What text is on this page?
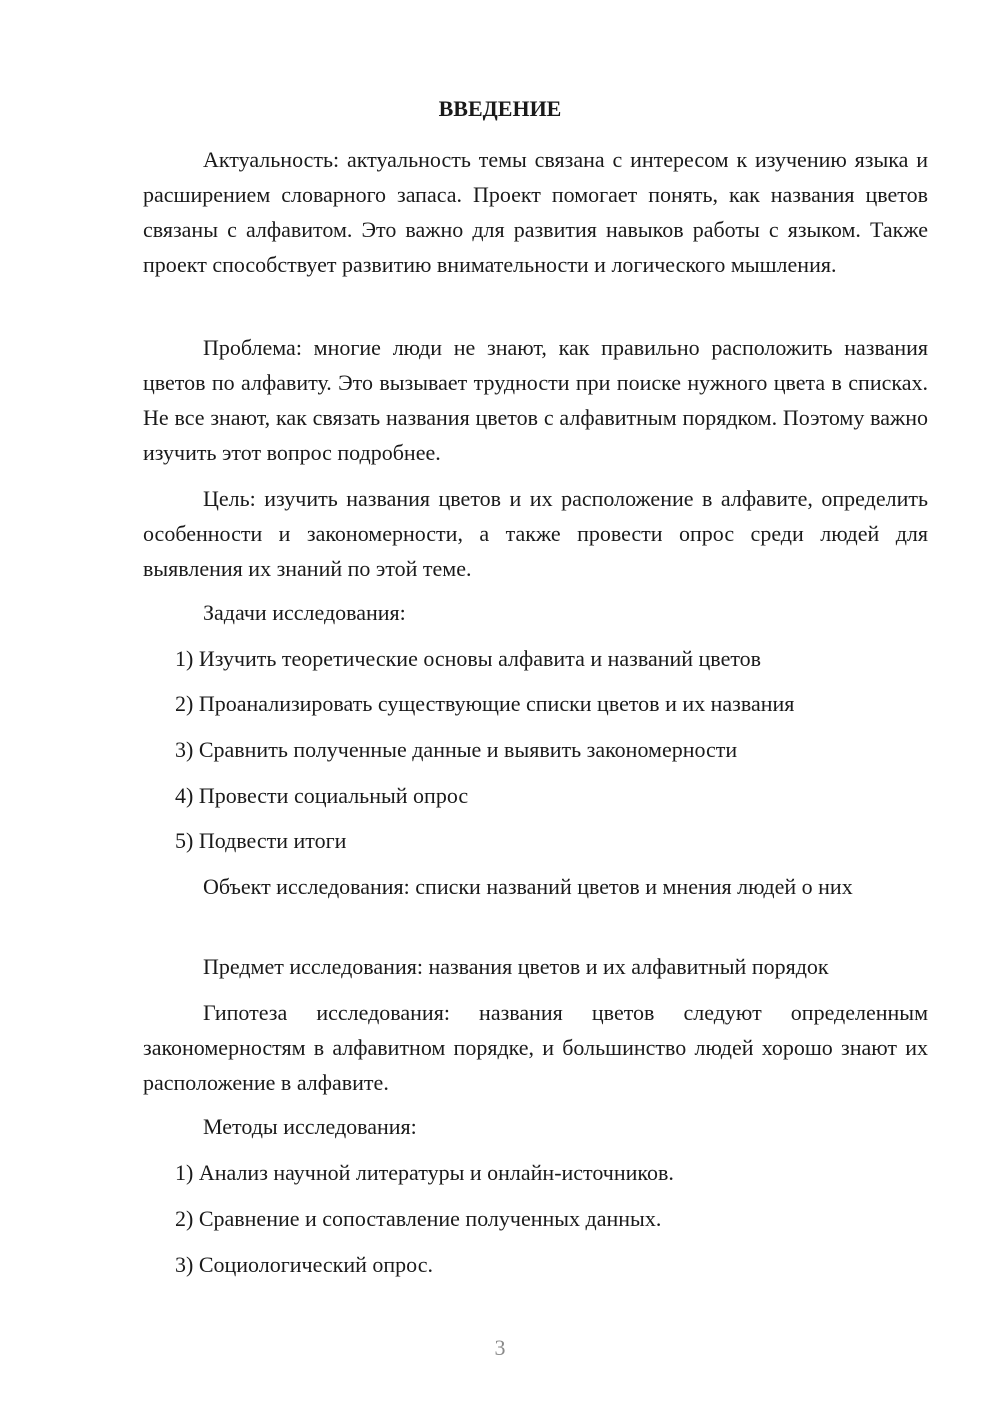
ВВЕДЕНИЕ

Актуальность: актуальность темы связана с интересом к изучению языка и расширением словарного запаса. Проект помогает понять, как названия цветов связаны с алфавитом. Это важно для развития навыков работы с языком. Также проект способствует развитию внимательности и логического мышления.

Проблема: многие люди не знают, как правильно расположить названия цветов по алфавиту. Это вызывает трудности при поиске нужного цвета в списках. Не все знают, как связать названия цветов с алфавитным порядком. Поэтому важно изучить этот вопрос подробнее.

Цель: изучить названия цветов и их расположение в алфавите, определить особенности и закономерности, а также провести опрос среди людей для выявления их знаний по этой теме.

Задачи исследования:

1) Изучить теоретические основы алфавита и названий цветов

2) Проанализировать существующие списки цветов и их названия

3) Сравнить полученные данные и выявить закономерности

4) Провести социальный опрос

5) Подвести итоги

Объект исследования: списки названий цветов и мнения людей о них

Предмет исследования: названия цветов и их алфавитный порядок

Гипотеза исследования: названия цветов следуют определенным закономерностям в алфавитном порядке, и большинство людей хорошо знают их расположение в алфавите.

Методы исследования:

1) Анализ научной литературы и онлайн-источников.

2) Сравнение и сопоставление полученных данных.

3) Социологический опрос.

3
